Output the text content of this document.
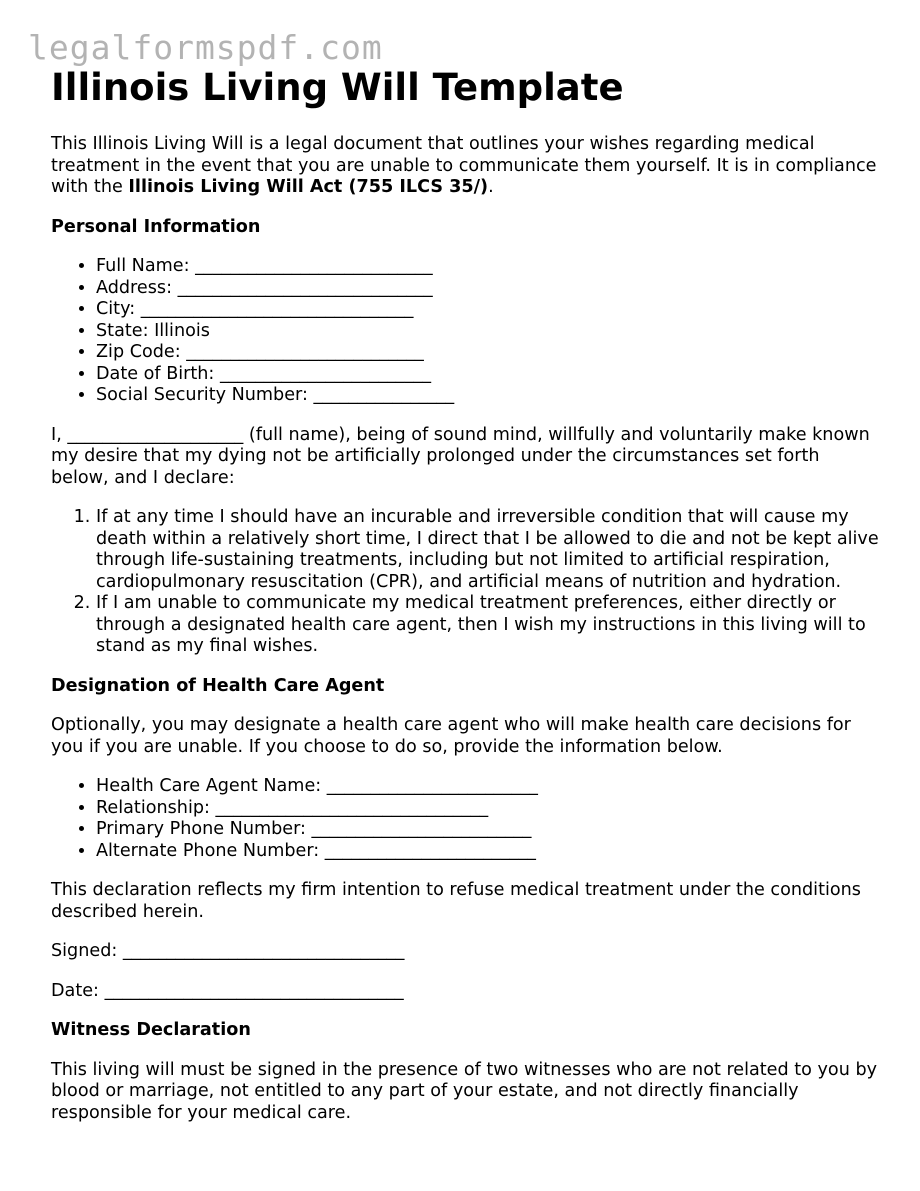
legalformspdf.com
Illinois Living Will Template

This Illinois Living Will is a legal document that outlines your wishes regarding medical treatment in the event that you are unable to communicate them yourself. It is in compliance with the Illinois Living Will Act (755 ILCS 35/).

Personal Information
• Full Name: ___________________________
• Address: _____________________________
• City: _______________________________
• State: Illinois
• Zip Code: ___________________________
• Date of Birth: ________________________
• Social Security Number: ________________

I, ____________________ (full name), being of sound mind, willfully and voluntarily make known my desire that my dying not be artificially prolonged under the circumstances set forth below, and I declare:

1. If at any time I should have an incurable and irreversible condition that will cause my death within a relatively short time, I direct that I be allowed to die and not be kept alive through life-sustaining treatments, including but not limited to artificial respiration, cardiopulmonary resuscitation (CPR), and artificial means of nutrition and hydration.
2. If I am unable to communicate my medical treatment preferences, either directly or through a designated health care agent, then I wish my instructions in this living will to stand as my final wishes.
Designation of Health Care Agent

Optionally, you may designate a health care agent who will make health care decisions for you if you are unable. If you choose to do so, provide the information below.

• Health Care Agent Name: ________________________
• Relationship: _______________________________
• Primary Phone Number: _________________________
• Alternate Phone Number: ________________________

This declaration reflects my firm intention to refuse medical treatment under the conditions described herein.

Signed: ________________________________

Date: __________________________________

Witness Declaration

This living will must be signed in the presence of two witnesses who are not related to you by blood or marriage, not entitled to any part of your estate, and not directly financially responsible for your medical care.
